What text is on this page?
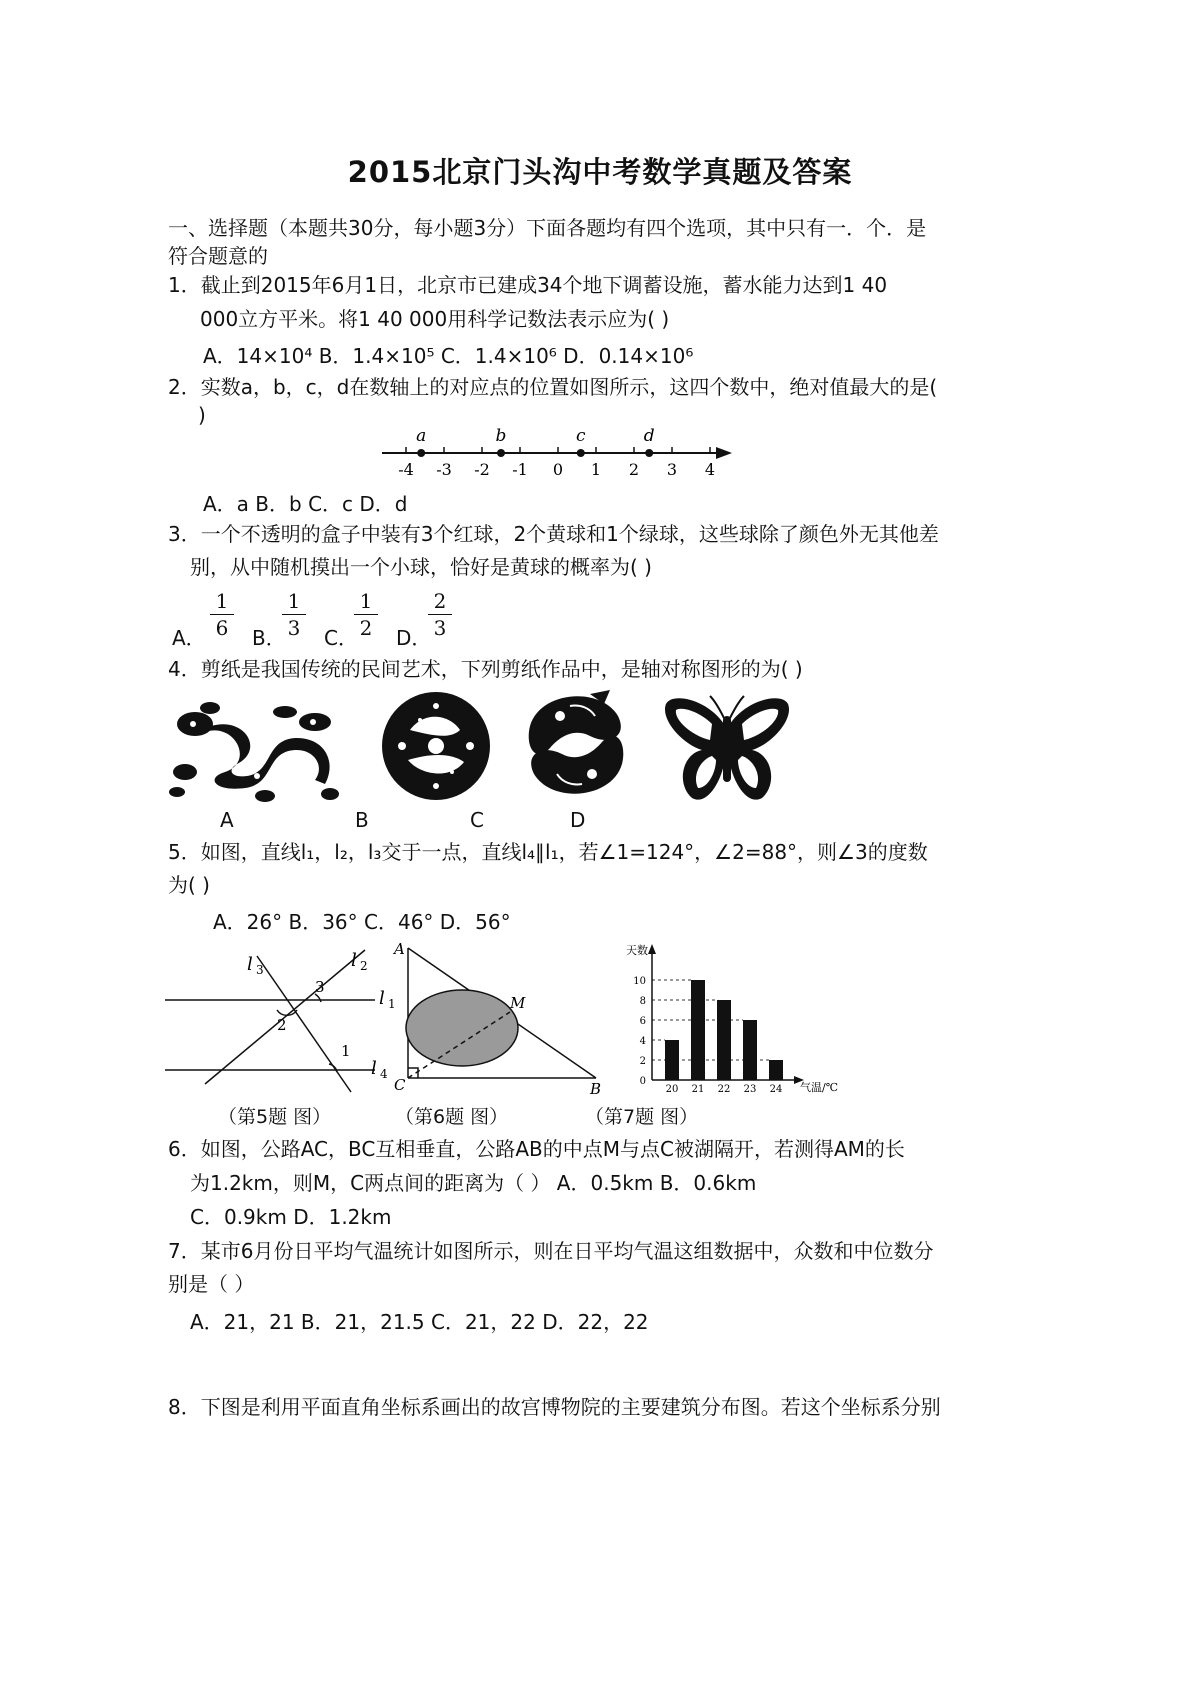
2015北京门头沟中考数学真题及答案
一、选择题（本题共30分，每小题3分）下面各题均有四个选项，其中只有一．个．是
符合题意的
1．截止到2015年6月1日，北京市已建成34个地下调蓄设施，蓄水能力达到1 40
000立方平米。将1 40 000用科学记数法表示应为( )
A．14×10⁴ B．1.4×10⁵ C．1.4×10⁶ D．0.14×10⁶
2．实数a，b，c，d在数轴上的对应点的位置如图所示，这四个数中，绝对值最大的是(
)
-4 -3 -2 -1 0 1 2 3 4
a	b	c	d
A．a B．b C．c D．d
3．一个不透明的盒子中装有3个红球，2个黄球和1个绿球，这些球除了颜色外无其他差
别，从中随机摸出一个小球，恰好是黄球的概率为( )
A． $\frac{1}{6}$ B．
$\frac{1}{3}$ C．
$\frac{1}{2}$ D．
$\frac{2}{3}$
4．剪纸是我国传统的民间艺术，下列剪纸作品中，是轴对称图形的为( )
A	B	C	D
5．如图，直线l₁，l₂，l₃交于一点，直线l₄∥l₁，若∠1=124°，∠2=88°，则∠3的度数
为( )
A．26° B．36° C．46° D．56°
l 3	l 2
l 1
l 4
3
2
1
A
C	B
M
0
2
4
6
8
10
20 21 22 23 24
天数
气温/℃
（第5题 图）	（第6题 图）	（第7题 图）
6．如图，公路AC，BC互相垂直，公路AB的中点M与点C被湖隔开，若测得AM的长
为1.2km，则M，C两点间的距离为（ ） A．0.5km B．0.6km
C．0.9km D．1.2km
7．某市6月份日平均气温统计如图所示，则在日平均气温这组数据中，众数和中位数分
别是（ ）
A．21，21 B．21，21.5 C．21，22 D．22，22
8．下图是利用平面直角坐标系画出的故宫博物院的主要建筑分布图。若这个坐标系分别
